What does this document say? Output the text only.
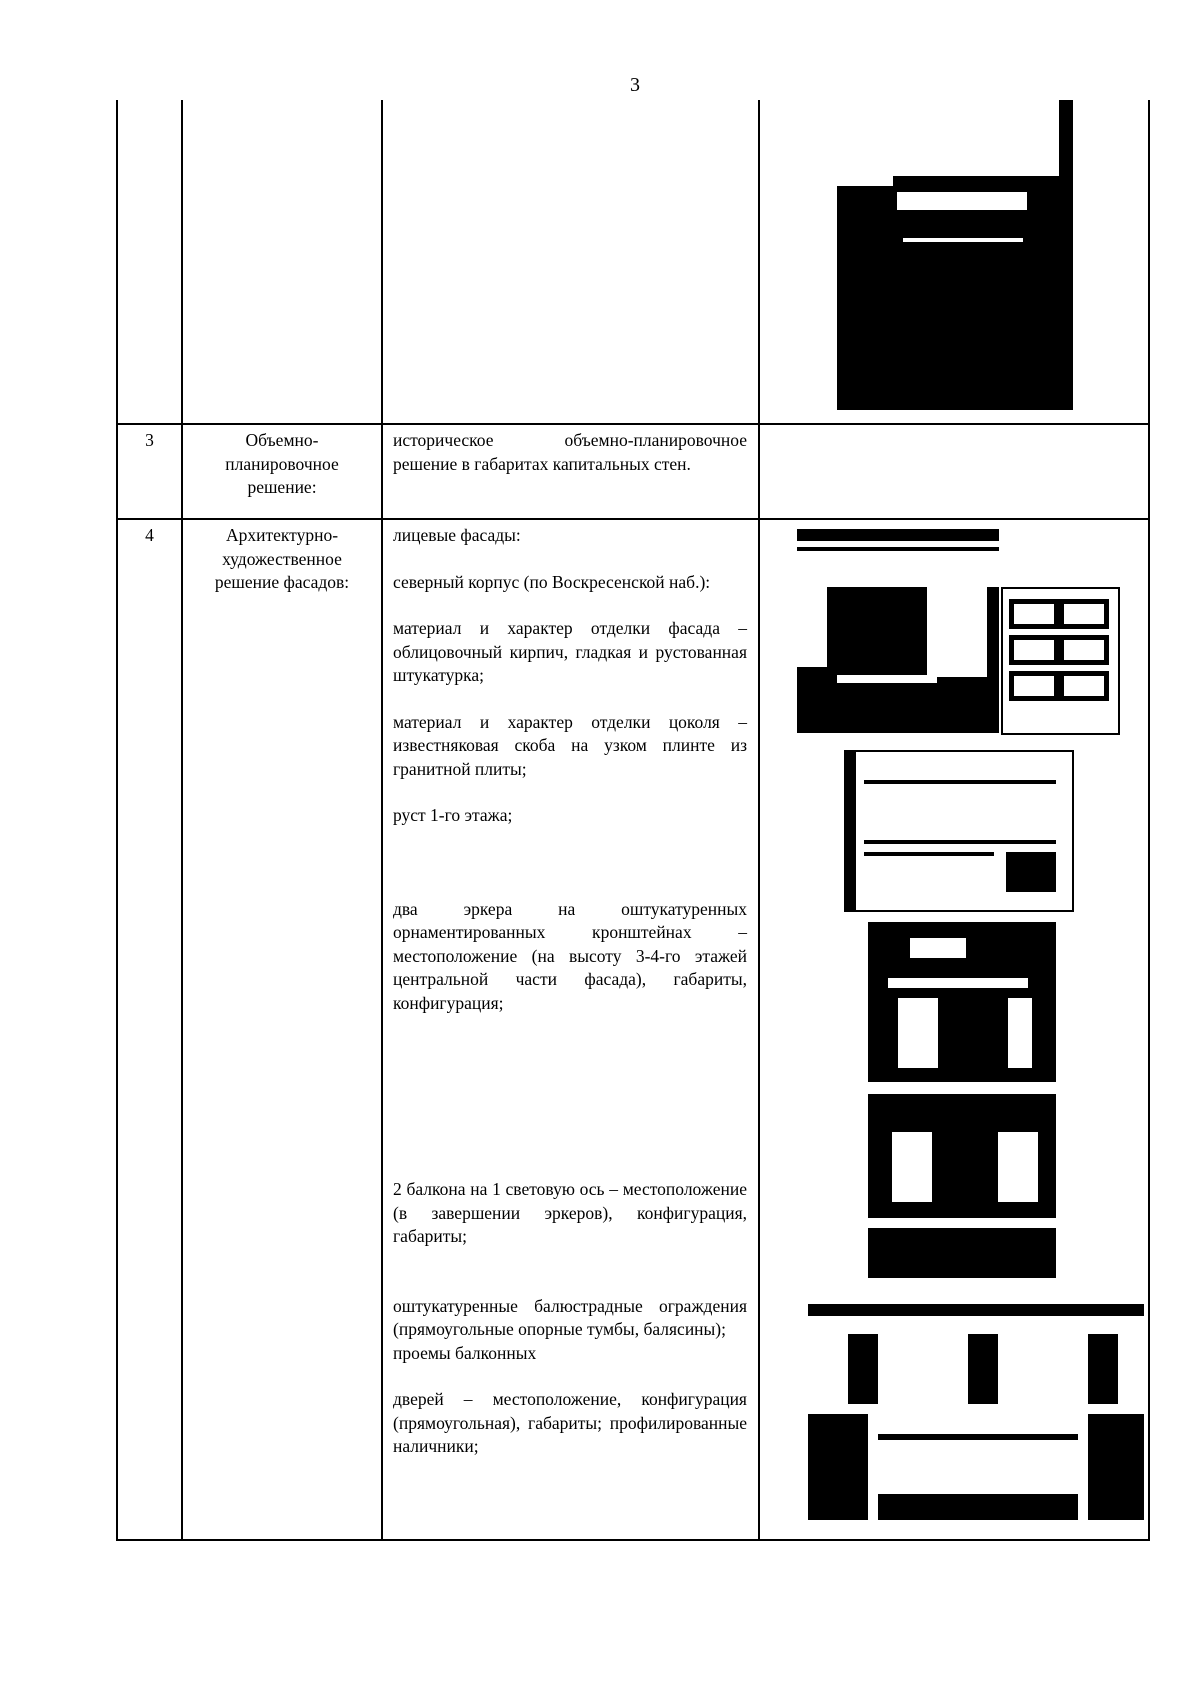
3
3	Объемно-планировочное решение:

историческое объемно-планировочное решение в габаритах капитальных стен.

4	Архитектурно-художественное решение фасадов:

лицевые фасады:

северный корпус (по Воскресенской наб.):

материал и характер отделки фасада – облицовочный кирпич, гладкая и рустованная штукатурка;

материал и характер отделки цоколя – известняковая скоба на узком плинте из гранитной плиты;

руст 1-го этажа;

два эркера на оштукатуренных орнаментированных кронштейнах – местоположение (на высоту 3-4-го этажей центральной части фасада), габариты, конфигурация;

2 балкона на 1 световую ось – местоположение (в завершении эркеров), конфигурация, габариты;

оштукатуренные балюстрадные ограждения (прямоугольные опорные тумбы, балясины);

проемы балконных

дверей – местоположение, конфигурация (прямоугольная), габариты; профилированные наличники;
